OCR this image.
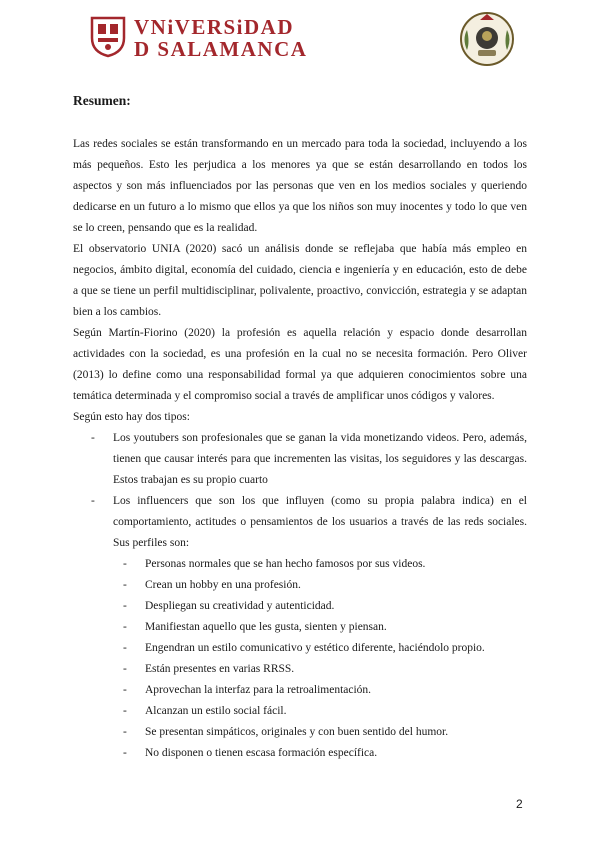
VNiVERSiDAD
D SALAMANCA
Resumen:

Las redes sociales se están transformando en un mercado para toda la sociedad, incluyendo a los más pequeños. Esto les perjudica a los menores ya que se están desarrollando en todos los aspectos y son más influenciados por las personas que ven en los medios sociales y queriendo dedicarse en un futuro a lo mismo que ellos ya que los niños son muy inocentes y todo lo que ven se lo creen, pensando que es la realidad.

El observatorio UNIA (2020) sacó un análisis donde se reflejaba que había más empleo en negocios, ámbito digital, economía del cuidado, ciencia e ingeniería y en educación, esto de debe a que se tiene un perfil multidisciplinar, polivalente, proactivo, convicción, estrategia y se adaptan bien a los cambios.

Según Martín-Fiorino (2020) la profesión es aquella relación y espacio donde desarrollan actividades con la sociedad, es una profesión en la cual no se necesita formación. Pero Oliver (2013) lo define como una responsabilidad formal ya que adquieren conocimientos sobre una temática determinada y el compromiso social a través de amplificar unos códigos y valores.

Según esto hay dos tipos:

- Los youtubers son profesionales que se ganan la vida monetizando videos. Pero, además, tienen que causar interés para que incrementen las visitas, los seguidores y las descargas. Estos trabajan es su propio cuarto
- Los influencers que son los que influyen (como su propia palabra indica) en el comportamiento, actitudes o pensamientos de los usuarios a través de las reds sociales. Sus perfiles son:
- Personas normales que se han hecho famosos por sus videos.
- Crean un hobby en una profesión.
- Despliegan su creatividad y autenticidad.
- Manifiestan aquello que les gusta, sienten y piensan.
- Engendran un estilo comunicativo y estético diferente, haciéndolo propio.
- Están presentes en varias RRSS.
- Aprovechan la interfaz para la retroalimentación.
- Alcanzan un estilo social fácil.
- Se presentan simpáticos, originales y con buen sentido del humor.
- No disponen o tienen escasa formación específica.
2
